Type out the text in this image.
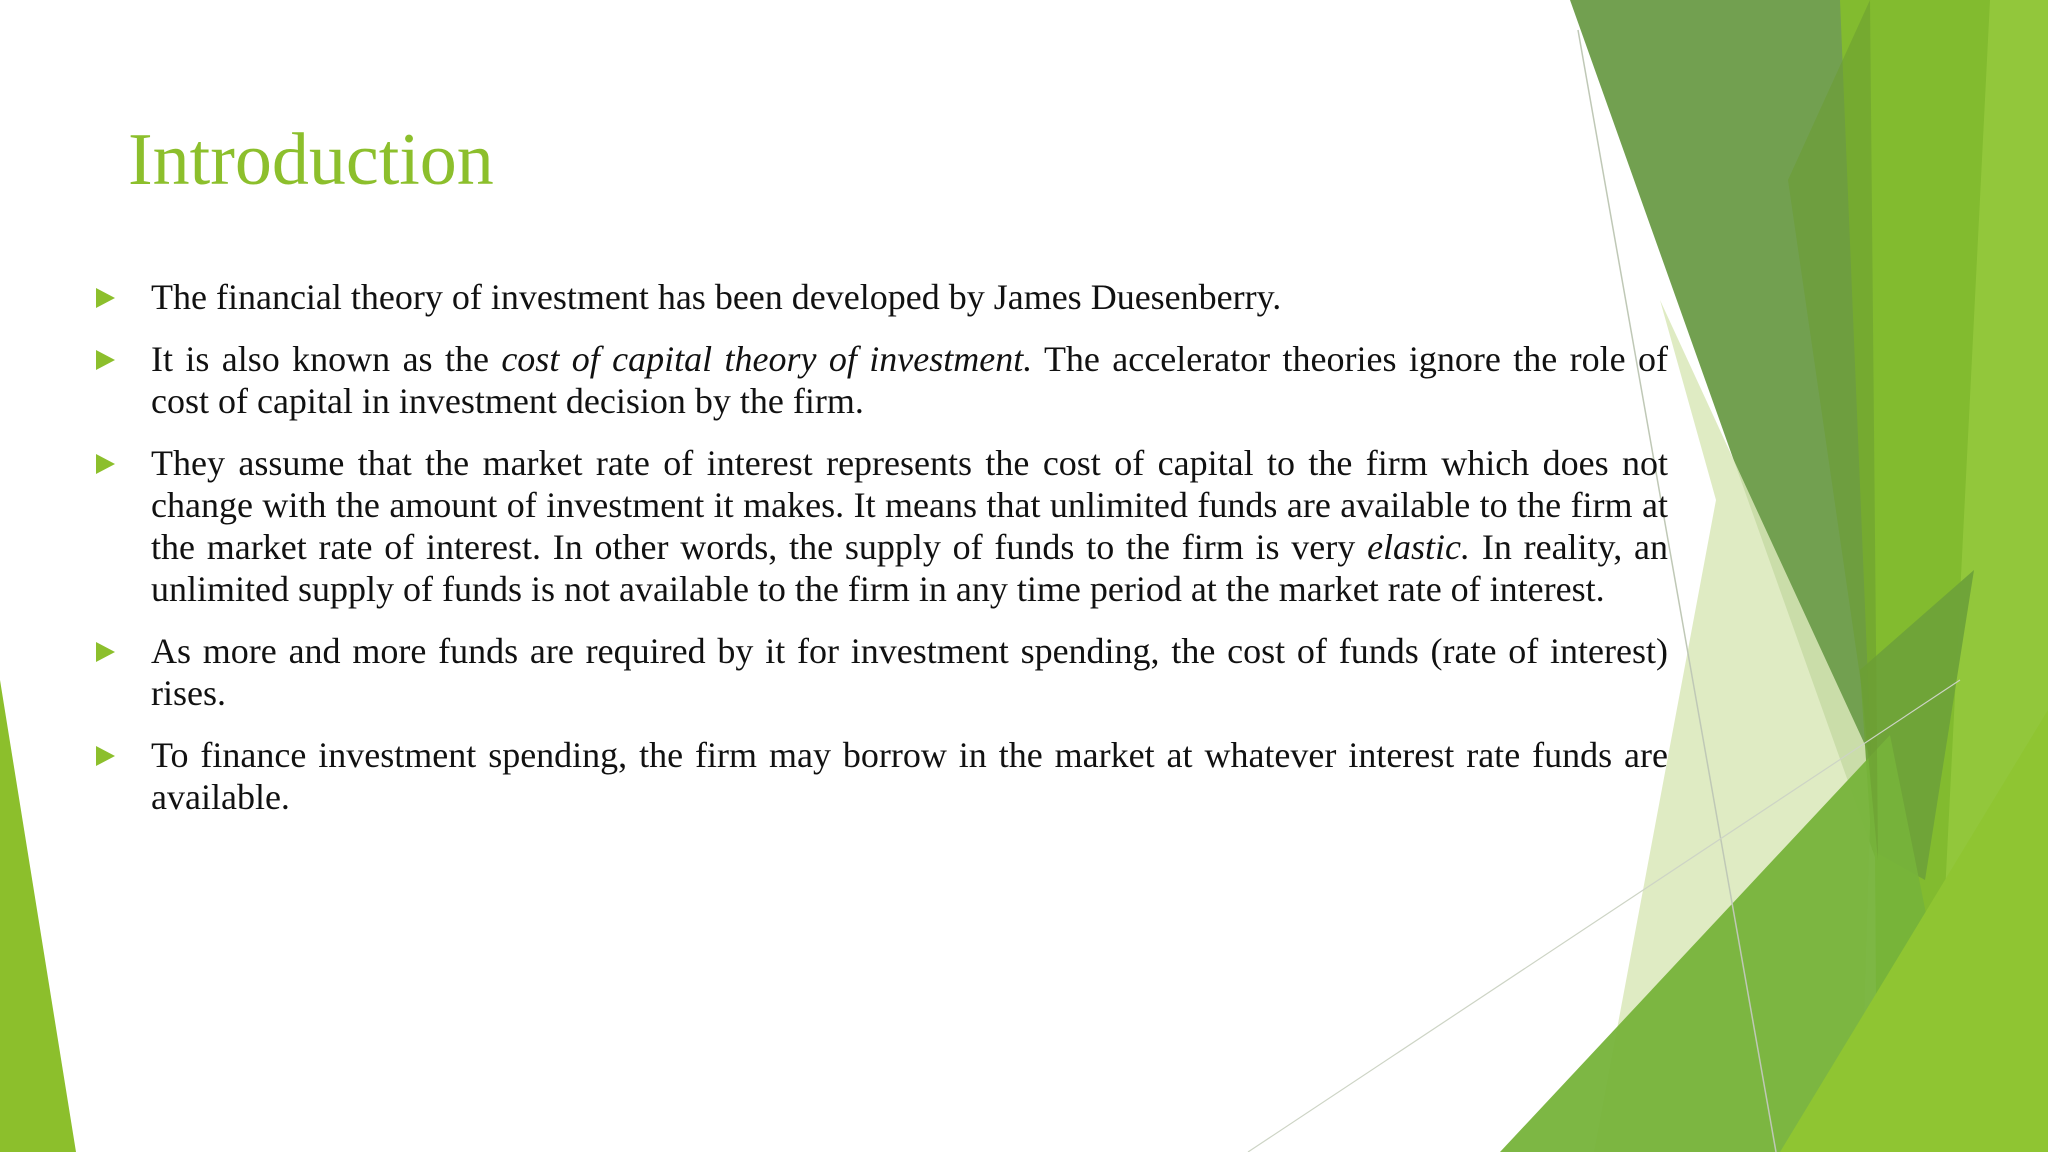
Introduction
The financial theory of investment has been developed by James Duesenberry.
It is also known as the cost of capital theory of investment. The accelerator theories ignore the role of cost of capital in investment decision by the firm.
They assume that the market rate of interest represents the cost of capital to the firm which does not change with the amount of investment it makes. It means that unlimited funds are available to the firm at the market rate of interest. In other words, the supply of funds to the firm is very elastic. In reality, an unlimited supply of funds is not available to the firm in any time period at the market rate of interest.
As more and more funds are required by it for investment spending, the cost of funds (rate of interest) rises.
To finance investment spending, the firm may borrow in the market at whatever interest rate funds are available.
